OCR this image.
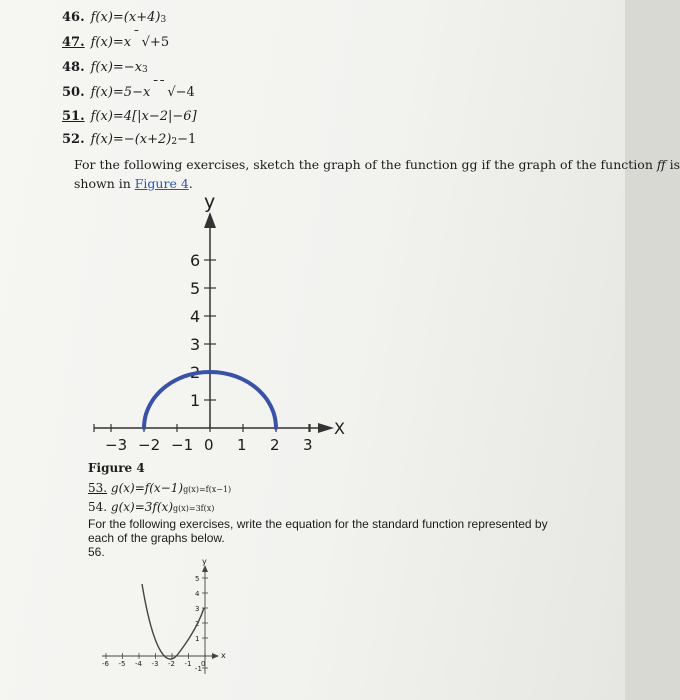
46. f(x)=(x+4)3
47. f(x)=x ¯ √+5
48. f(x)=−x3
50. f(x)=5−x ¯¯ √−4
51. f(x)=4[|x−2|−6]
52. f(x)=−(x+2)2−1
For the following exercises, sketch the graph of the function gg if the graph of the function ff is
shown in Figure 4.
y
X
6
5
4
3
2
1
−3 −2 −1 0 1 2 3
Figure 4
53. g(x)=f(x−1)g(x)=f(x−1)
54. g(x)=3f(x)g(x)=3f(x)
For the following exercises, write the equation for the standard function represented by
each of the graphs below.
56.
y
x
5
4
3
2
1
-1
-6 -5 -4 -3 -2 -1 0
